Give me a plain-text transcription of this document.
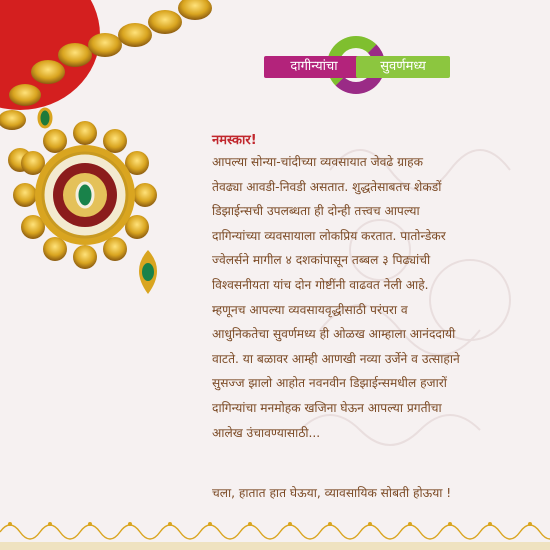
दागीन्यांचा	सुवर्णमध्य
नमस्कार!
आपल्या सोन्या-चांदीच्या व्यवसायात जेवढे ग्राहक
तेवढ्या आवडी-निवडी असतात. शुद्धतेसाबतच शेकडों
डिझाईन्सची उपलब्धता ही दोन्ही तत्त्वच आपल्या
दागिन्यांच्या व्यवसायाला लोकप्रिय करतात. पातोन्डेकर
ज्वेलर्सने मागील ४ दशकांपासून तब्बल ३ पिढ्यांची
विश्वसनीयता यांच दोन गोष्टींनी वाढवत नेली आहे.
म्हणूनच आपल्या व्यवसायवृद्धीसाठी परंपरा व
आधुनिकतेचा सुवर्णमध्य ही ओळख आम्हाला आनंददायी
वाटते. या बळावर आम्ही आणखी नव्या उर्जेने व उत्साहाने
सुसज्ज झालो आहोत नवनवीन डिझाईन्समधील हजारों
दागिन्यांचा मनमोहक खजिना घेऊन आपल्या प्रगतीचा
आलेख उंचावण्यासाठी...
चला, हातात हात घेऊया, व्यावसायिक सोबती होऊया !
